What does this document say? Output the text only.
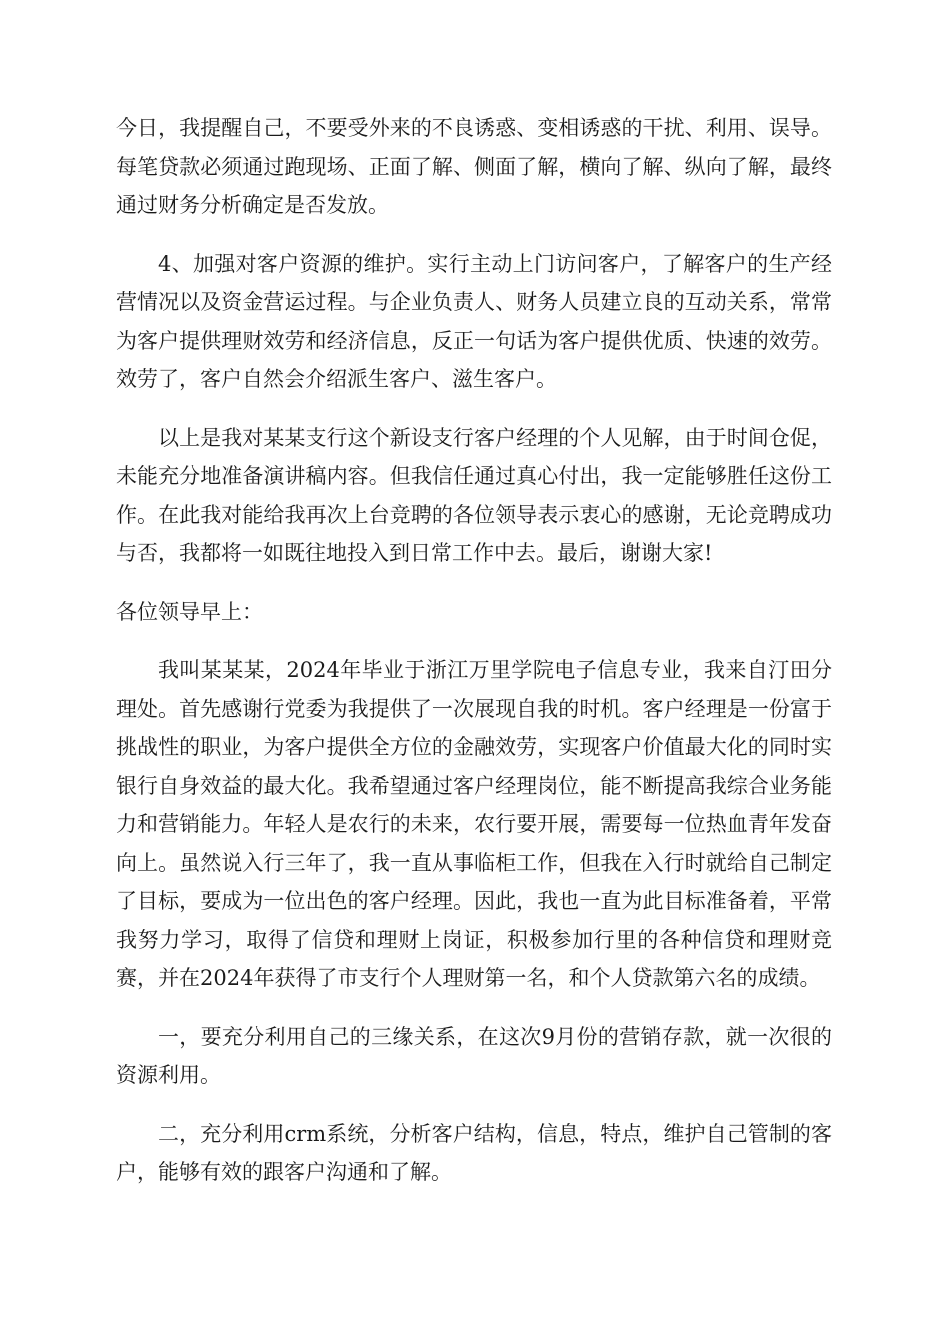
今日，我提醒自己，不要受外来的不良诱惑、变相诱惑的干扰、利用、误导。每笔贷款必须通过跑现场、正面了解、侧面了解，横向了解、纵向了解，最终通过财务分析确定是否发放。

4、加强对客户资源的维护。实行主动上门访问客户，了解客户的生产经营情况以及资金营运过程。与企业负责人、财务人员建立良的互动关系，常常为客户提供理财效劳和经济信息，反正一句话为客户提供优质、快速的效劳。效劳了，客户自然会介绍派生客户、滋生客户。

以上是我对某某支行这个新设支行客户经理的个人见解，由于时间仓促，未能充分地准备演讲稿内容。但我信任通过真心付出，我一定能够胜任这份工作。在此我对能给我再次上台竞聘的各位领导表示衷心的感谢，无论竞聘成功与否，我都将一如既往地投入到日常工作中去。最后，谢谢大家!

各位领导早上：

我叫某某某，2024年毕业于浙江万里学院电子信息专业，我来自汀田分理处。首先感谢行党委为我提供了一次展现自我的时机。客户经理是一份富于挑战性的职业，为客户提供全方位的金融效劳，实现客户价值最大化的同时实银行自身效益的最大化。我希望通过客户经理岗位，能不断提高我综合业务能力和营销能力。年轻人是农行的未来，农行要开展，需要每一位热血青年发奋向上。虽然说入行三年了，我一直从事临柜工作，但我在入行时就给自己制定了目标，要成为一位出色的客户经理。因此，我也一直为此目标准备着，平常我努力学习，取得了信贷和理财上岗证，积极参加行里的各种信贷和理财竞赛，并在2024年获得了市支行个人理财第一名，和个人贷款第六名的成绩。

一，要充分利用自己的三缘关系，在这次9月份的营销存款，就一次很的资源利用。

二，充分利用crm系统，分析客户结构，信息，特点，维护自己管制的客户，能够有效的跟客户沟通和了解。
